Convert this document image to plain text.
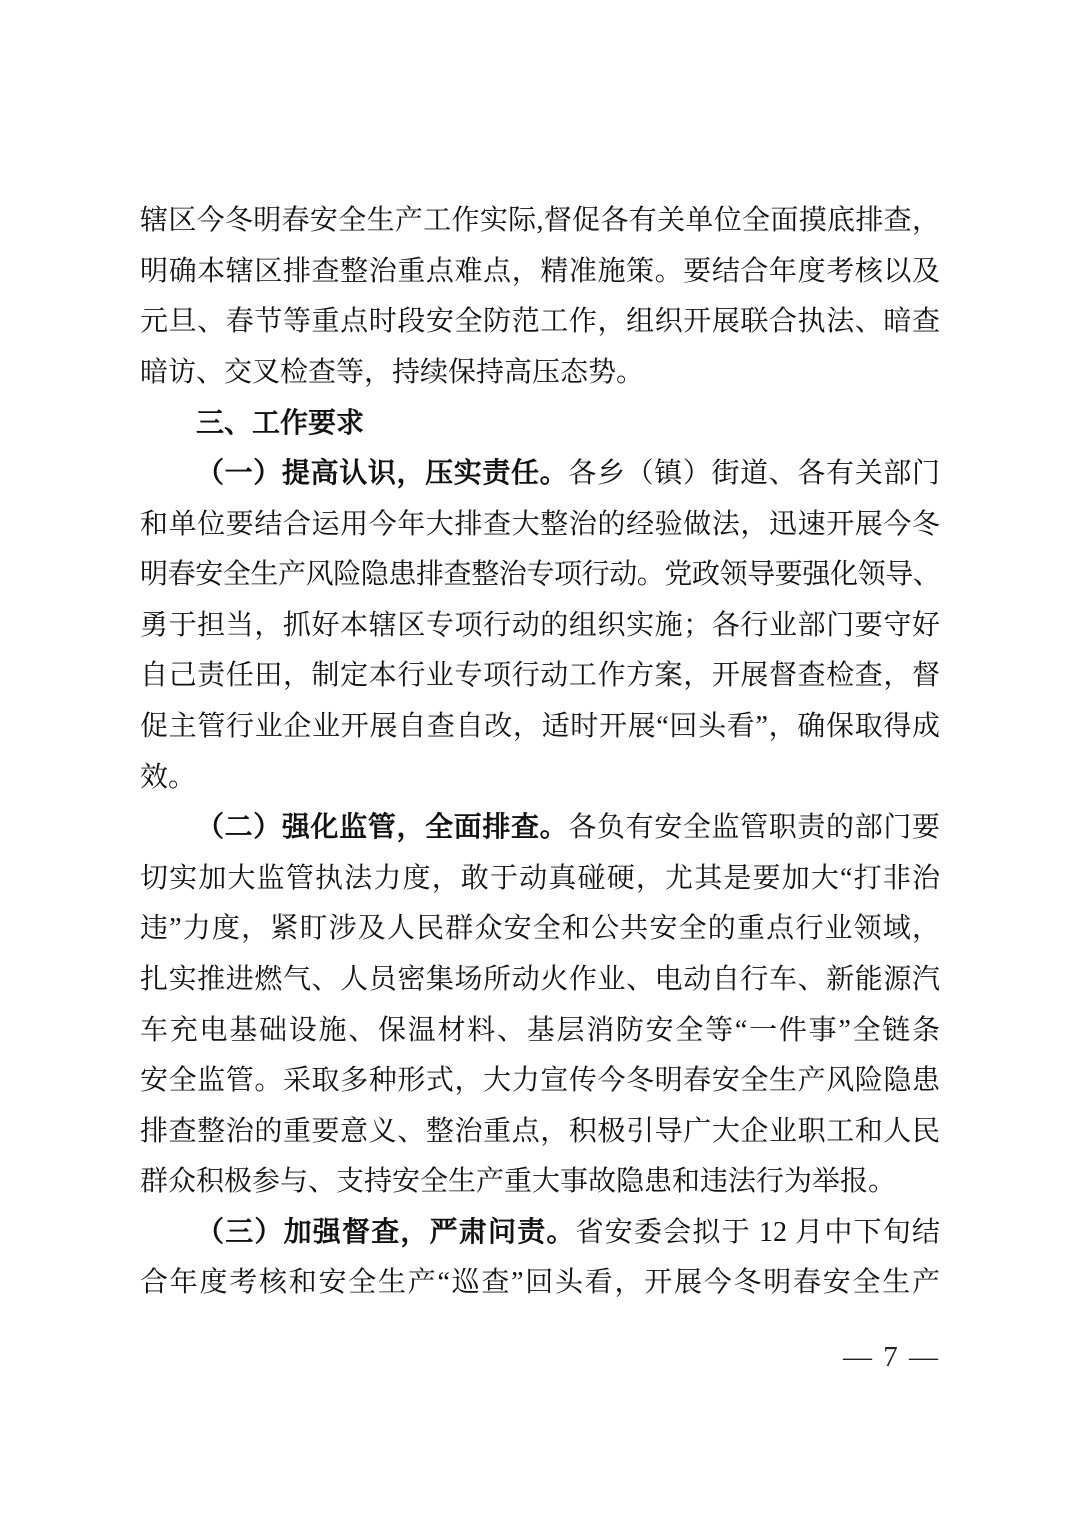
辖区今冬明春安全生产工作实际,督促各有关单位全面摸底排查，
明确本辖区排查整治重点难点，精准施策。要结合年度考核以及
元旦、春节等重点时段安全防范工作，组织开展联合执法、暗查
暗访、交叉检查等，持续保持高压态势。
三、工作要求
（一）提高认识，压实责任。各乡（镇）街道、各有关部门
和单位要结合运用今年大排查大整治的经验做法，迅速开展今冬
明春安全生产风险隐患排查整治专项行动。党政领导要强化领导、
勇于担当，抓好本辖区专项行动的组织实施；各行业部门要守好
自己责任田，制定本行业专项行动工作方案，开展督查检查，督
促主管行业企业开展自查自改，适时开展“回头看”，确保取得成
效。
（二）强化监管，全面排查。各负有安全监管职责的部门要
切实加大监管执法力度，敢于动真碰硬，尤其是要加大“打非治
违”力度，紧盯涉及人民群众安全和公共安全的重点行业领域，
扎实推进燃气、人员密集场所动火作业、电动自行车、新能源汽
车充电基础设施、保温材料、基层消防安全等“一件事”全链条
安全监管。采取多种形式，大力宣传今冬明春安全生产风险隐患
排查整治的重要意义、整治重点，积极引导广大企业职工和人民
群众积极参与、支持安全生产重大事故隐患和违法行为举报。
（三）加强督查，严肃问责。省安委会拟于 12 月中下旬结
合年度考核和安全生产“巡查”回头看，开展今冬明春安全生产
— 7 —
